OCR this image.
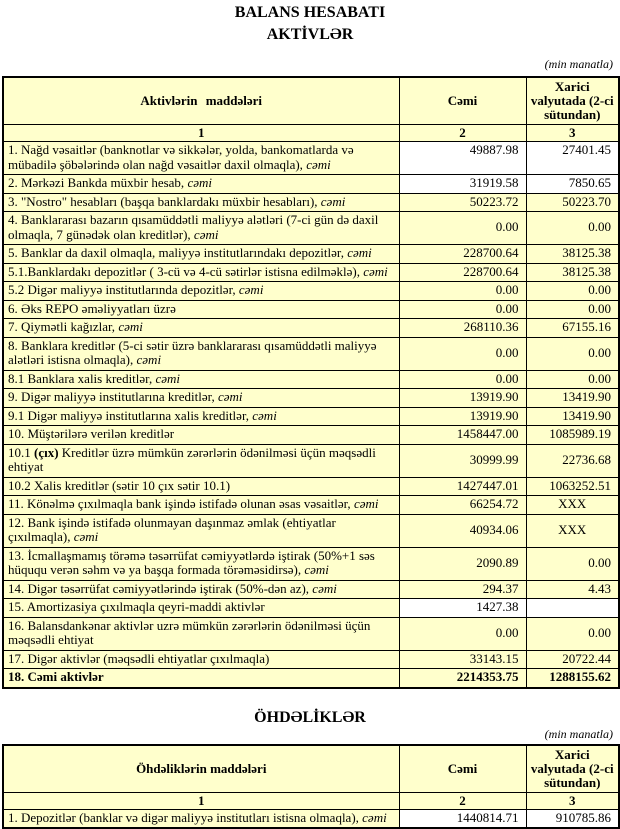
BALANS HESABATI
AKTİVLƏR
(min manatla)
Aktivlərin maddələri	Cəmi	Xarici valyutada (2-ci sütundan)
1	2	3
1. Nağd vəsaitlər (banknotlar və sikkələr, yolda, bankomatlarda və mübadilə şöbələrində olan nağd vəsaitlər daxil olmaqla), cəmi	49887.98	27401.45
2. Mərkəzi Bankda müxbir hesab, cəmi	31919.58	7850.65
3. "Nostro" hesabları (başqa banklardakı müxbir hesabları), cəmi	50223.72	50223.70
4. Banklararası bazarın qısamüddətli maliyyə alətləri (7-ci gün də daxil olmaqla, 7 günədək olan kreditlər), cəmi	0.00	0.00
5. Banklar da daxil olmaqla, maliyyə institutlarındakı depozitlər, cəmi	228700.64	38125.38
5.1.Banklardakı depozitlər ( 3-cü və 4-cü sətirlər istisna edilməklə), cəmi	228700.64	38125.38
5.2 Digər maliyyə institutlarında depozitlər, cəmi	0.00	0.00
6. Əks REPO əməliyyatları üzrə	0.00	0.00
7. Qiymətli kağızlar, cəmi	268110.36	67155.16
8. Banklara kreditlər (5-ci sətir üzrə banklararası qısamüddətli maliyyə alətləri istisna olmaqla), cəmi	0.00	0.00
8.1 Banklara xalis kreditlər, cəmi	0.00	0.00
9. Digər maliyyə institutlarına kreditlər, cəmi	13919.90	13419.90
9.1 Digər maliyyə institutlarına xalis kreditlər, cəmi	13919.90	13419.90
10. Müştərilərə verilən kreditlər	1458447.00	1085989.19
10.1 (çıx) Kreditlər üzrə mümkün zərərlərin ödənilməsi üçün məqsədli ehtiyat	30999.99	22736.68
10.2 Xalis kreditlər (sətir 10 çıx sətir 10.1)	1427447.01	1063252.51
11. Könəlmə çıxılmaqla bank işində istifadə olunan əsas vəsaitlər, cəmi	66254.72	XXX
12. Bank işində istifadə olunmayan daşınmaz əmlak (ehtiyatlar çıxılmaqla), cəmi	40934.06	XXX
13. İcmallaşmamış törəmə təsərrüfat cəmiyyətlərdə iştirak (50%+1 səs hüququ verən səhm və ya başqa formada törəməsidirsə), cəmi	2090.89	0.00
14. Digər təsərrüfat cəmiyyətlərində iştirak (50%-dən az), cəmi	294.37	4.43
15. Amortizasiya çıxılmaqla qeyri-maddi aktivlər	1427.38	
16. Balansdankənar aktivlər uzrə mümkün zərərlərin ödənilməsi üçün məqsədli ehtiyat	0.00	0.00
17. Digər aktivlər (məqsədli ehtiyatlar çıxılmaqla)	33143.15	20722.44
18. Cəmi aktivlər	2214353.75	1288155.62
ÖHDƏLİKLƏR
(min manatla)
Öhdəliklərin maddələri	Cəmi	Xarici valyutada (2-ci sütundan)
1	2	3
1. Depozitlər (banklar və digər maliyyə institutları istisna olmaqla), cəmi	1440814.71	910785.86
